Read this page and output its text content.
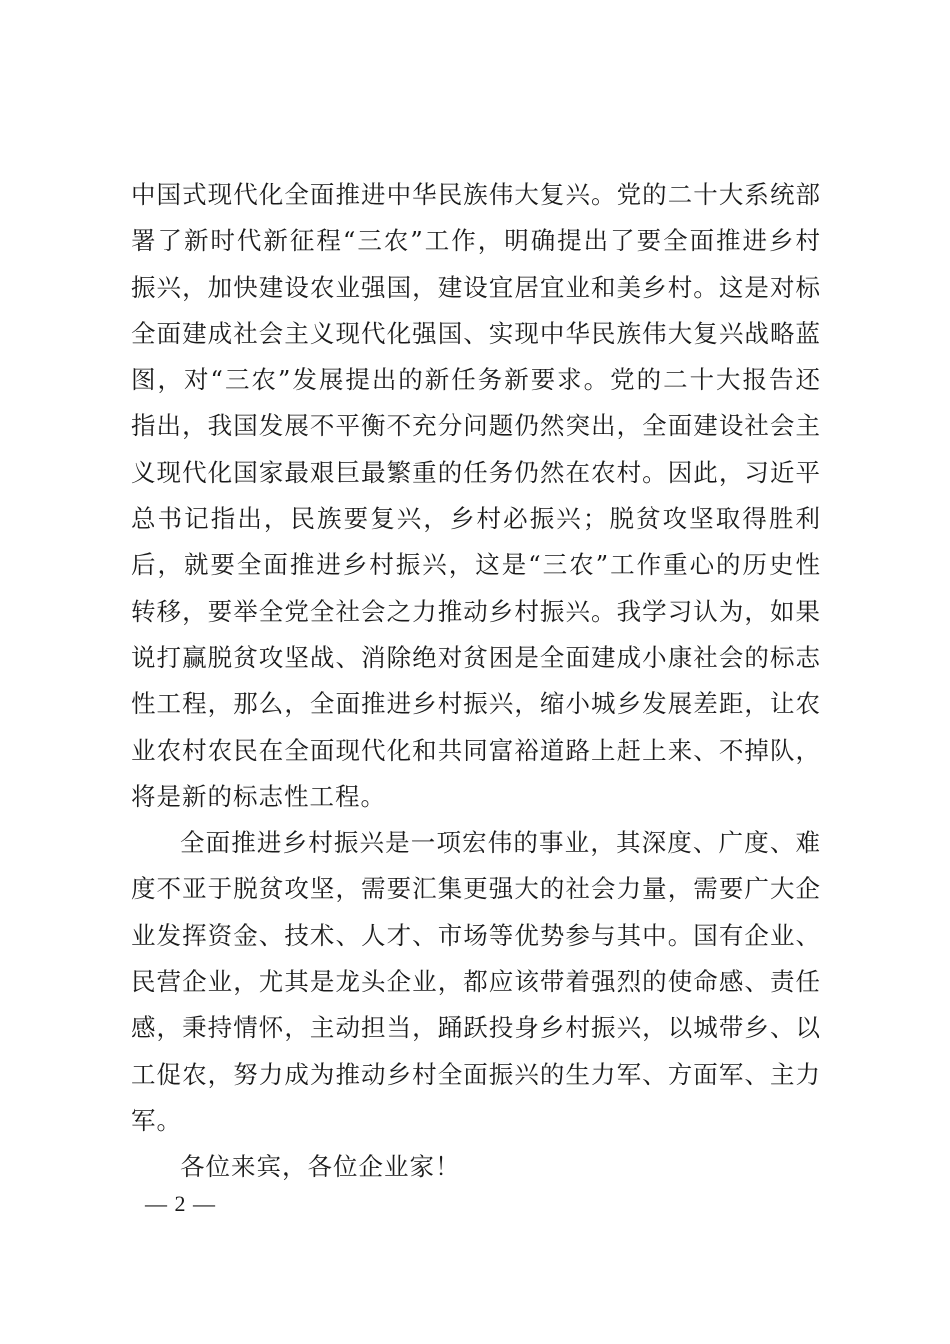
中国式现代化全面推进中华民族伟大复兴。党的二十大系统部署了新时代新征程“三农”工作，明确提出了要全面推进乡村振兴，加快建设农业强国，建设宜居宜业和美乡村。这是对标全面建成社会主义现代化强国、实现中华民族伟大复兴战略蓝图，对“三农”发展提出的新任务新要求。党的二十大报告还指出，我国发展不平衡不充分问题仍然突出，全面建设社会主义现代化国家最艰巨最繁重的任务仍然在农村。因此，习近平总书记指出，民族要复兴，乡村必振兴；脱贫攻坚取得胜利后，就要全面推进乡村振兴，这是“三农”工作重心的历史性转移，要举全党全社会之力推动乡村振兴。我学习认为，如果说打赢脱贫攻坚战、消除绝对贫困是全面建成小康社会的标志性工程，那么，全面推进乡村振兴，缩小城乡发展差距，让农业农村农民在全面现代化和共同富裕道路上赶上来、不掉队，将是新的标志性工程。

全面推进乡村振兴是一项宏伟的事业，其深度、广度、难度不亚于脱贫攻坚，需要汇集更强大的社会力量，需要广大企业发挥资金、技术、人才、市场等优势参与其中。国有企业、民营企业，尤其是龙头企业，都应该带着强烈的使命感、责任感，秉持情怀，主动担当，踊跃投身乡村振兴，以城带乡、以工促农，努力成为推动乡村全面振兴的生力军、方面军、主力军。

各位来宾，各位企业家！

— 2 —
